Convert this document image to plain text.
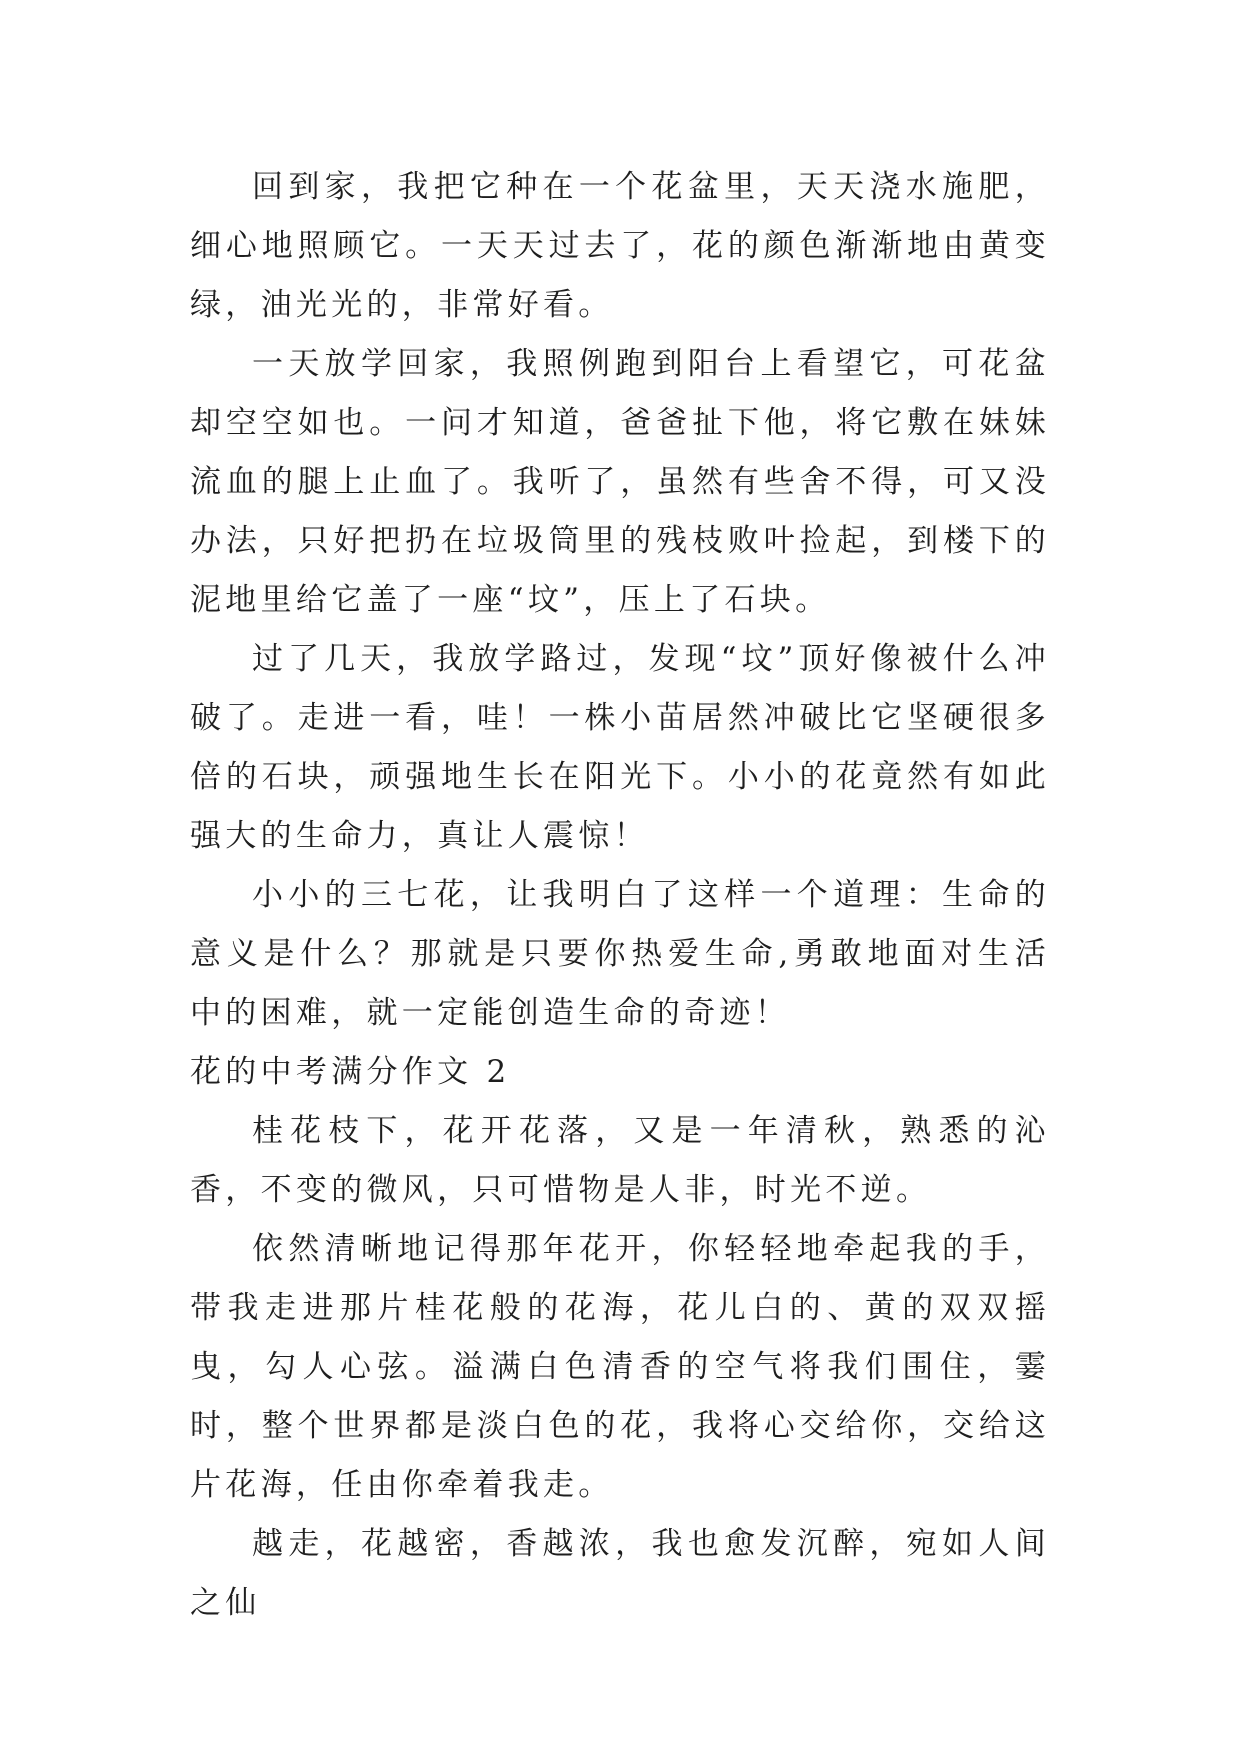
回到家，我把它种在一个花盆里，天天浇水施肥，细心地照顾它。一天天过去了，花的颜色渐渐地由黄变绿，油光光的，非常好看。

一天放学回家，我照例跑到阳台上看望它，可花盆却空空如也。一问才知道，爸爸扯下他，将它敷在妹妹流血的腿上止血了。我听了，虽然有些舍不得，可又没办法，只好把扔在垃圾筒里的残枝败叶捡起，到楼下的泥地里给它盖了一座“坟”，压上了石块。

过了几天，我放学路过，发现“坟”顶好像被什么冲破了。走进一看，哇！一株小苗居然冲破比它坚硬很多倍的石块，顽强地生长在阳光下。小小的花竟然有如此强大的生命力，真让人震惊！

小小的三七花，让我明白了这样一个道理：生命的意义是什么？那就是只要你热爱生命,勇敢地面对生活中的困难，就一定能创造生命的奇迹！

花的中考满分作文 2

桂花枝下，花开花落，又是一年清秋，熟悉的沁香，不变的微风，只可惜物是人非，时光不逆。

依然清晰地记得那年花开，你轻轻地牵起我的手，带我走进那片桂花般的花海，花儿白的、黄的双双摇曳，勾人心弦。溢满白色清香的空气将我们围住，霎时，整个世界都是淡白色的花，我将心交给你，交给这片花海，任由你牵着我走。

越走，花越密，香越浓，我也愈发沉醉，宛如人间之仙
